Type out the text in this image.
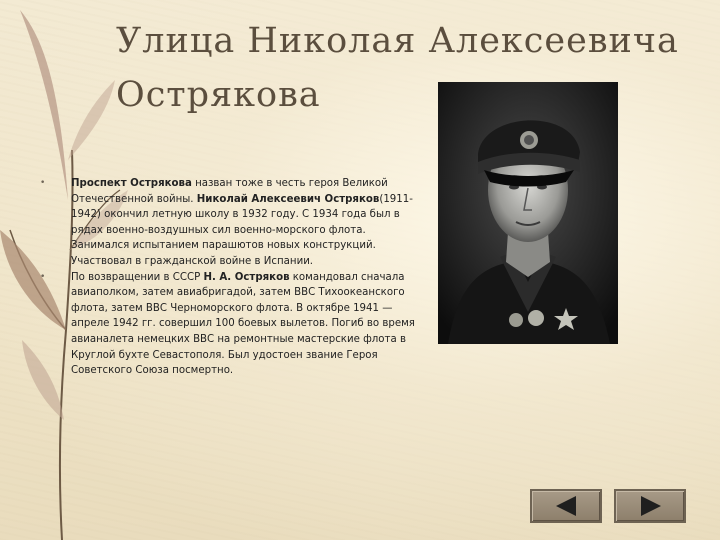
Улица Николая Алексеевича
Острякова

•	Проспект Острякова назван тоже в честь героя Великой Отечественной войны. Николай Алексеевич Остряков(1911-1942) окончил летную школу в 1932 году. С 1934 года был в рядах военно-воздушных сил военно-морского флота. Занимался испытанием парашютов новых конструкций. Участвовал в гражданской войне в Испании.

•	По возвращении в СССР Н. А. Остряков командовал сначала авиаполком, затем авиабригадой, затем ВВС Тихоокеанского флота, затем ВВС Черноморского флота. В октябре 1941 — апреле 1942 гг. совершил 100 боевых вылетов. Погиб во время авианалета немецких ВВС на ремонтные мастерские флота в Круглой бухте Севастополя. Был удостоен звание Героя Советского Союза посмертно.
